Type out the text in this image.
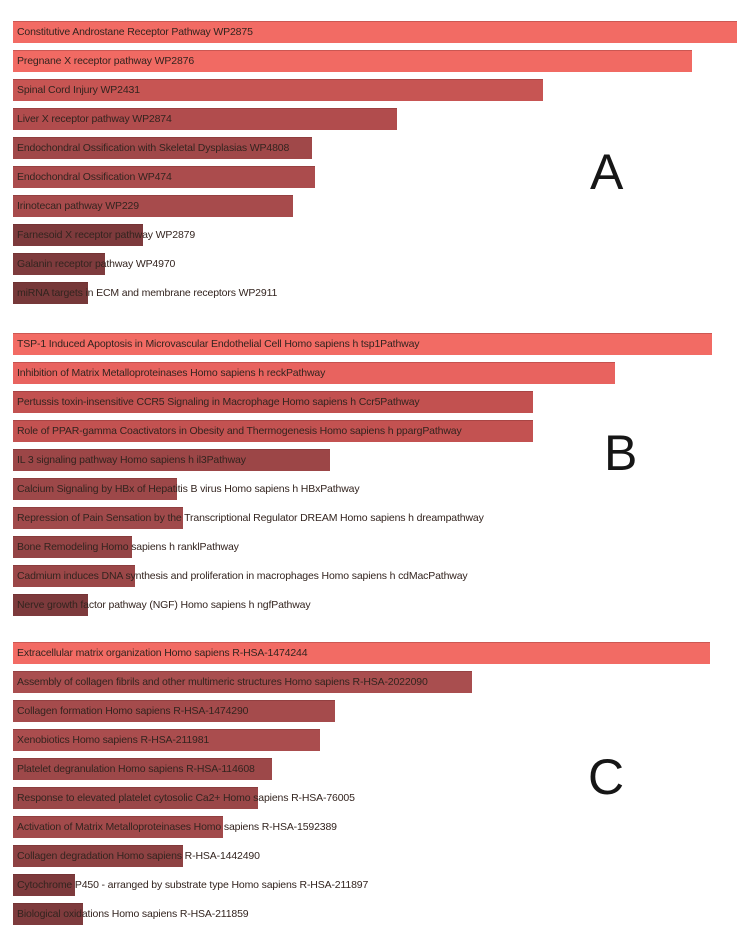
Constitutive Androstane Receptor Pathway WP2875
Pregnane X receptor pathway WP2876
Spinal Cord Injury WP2431
Liver X receptor pathway WP2874
Endochondral Ossification with Skeletal Dysplasias WP4808
Endochondral Ossification WP474
Irinotecan pathway WP229
Farnesoid X receptor pathway WP2879
Galanin receptor pathway WP4970
miRNA targets in ECM and membrane receptors WP2911
TSP-1 Induced Apoptosis in Microvascular Endothelial Cell Homo sapiens h tsp1Pathway
Inhibition of Matrix Metalloproteinases Homo sapiens h reckPathway
Pertussis toxin-insensitive CCR5 Signaling in Macrophage Homo sapiens h Ccr5Pathway
Role of PPAR-gamma Coactivators in Obesity and Thermogenesis Homo sapiens h ppargPathway
IL 3 signaling pathway Homo sapiens h il3Pathway
Calcium Signaling by HBx of Hepatitis B virus Homo sapiens h HBxPathway
Repression of Pain Sensation by the Transcriptional Regulator DREAM Homo sapiens h dreampathway
Bone Remodeling Homo sapiens h ranklPathway
Cadmium induces DNA synthesis and proliferation in macrophages Homo sapiens h cdMacPathway
Nerve growth factor pathway (NGF) Homo sapiens h ngfPathway
Extracellular matrix organization Homo sapiens R-HSA-1474244
Assembly of collagen fibrils and other multimeric structures Homo sapiens R-HSA-2022090
Collagen formation Homo sapiens R-HSA-1474290
Xenobiotics Homo sapiens R-HSA-211981
Platelet degranulation Homo sapiens R-HSA-114608
Response to elevated platelet cytosolic Ca2+ Homo sapiens R-HSA-76005
Activation of Matrix Metalloproteinases Homo sapiens R-HSA-1592389
Collagen degradation Homo sapiens R-HSA-1442490
Cytochrome P450 - arranged by substrate type Homo sapiens R-HSA-211897
Biological oxidations Homo sapiens R-HSA-211859
A
B
C
